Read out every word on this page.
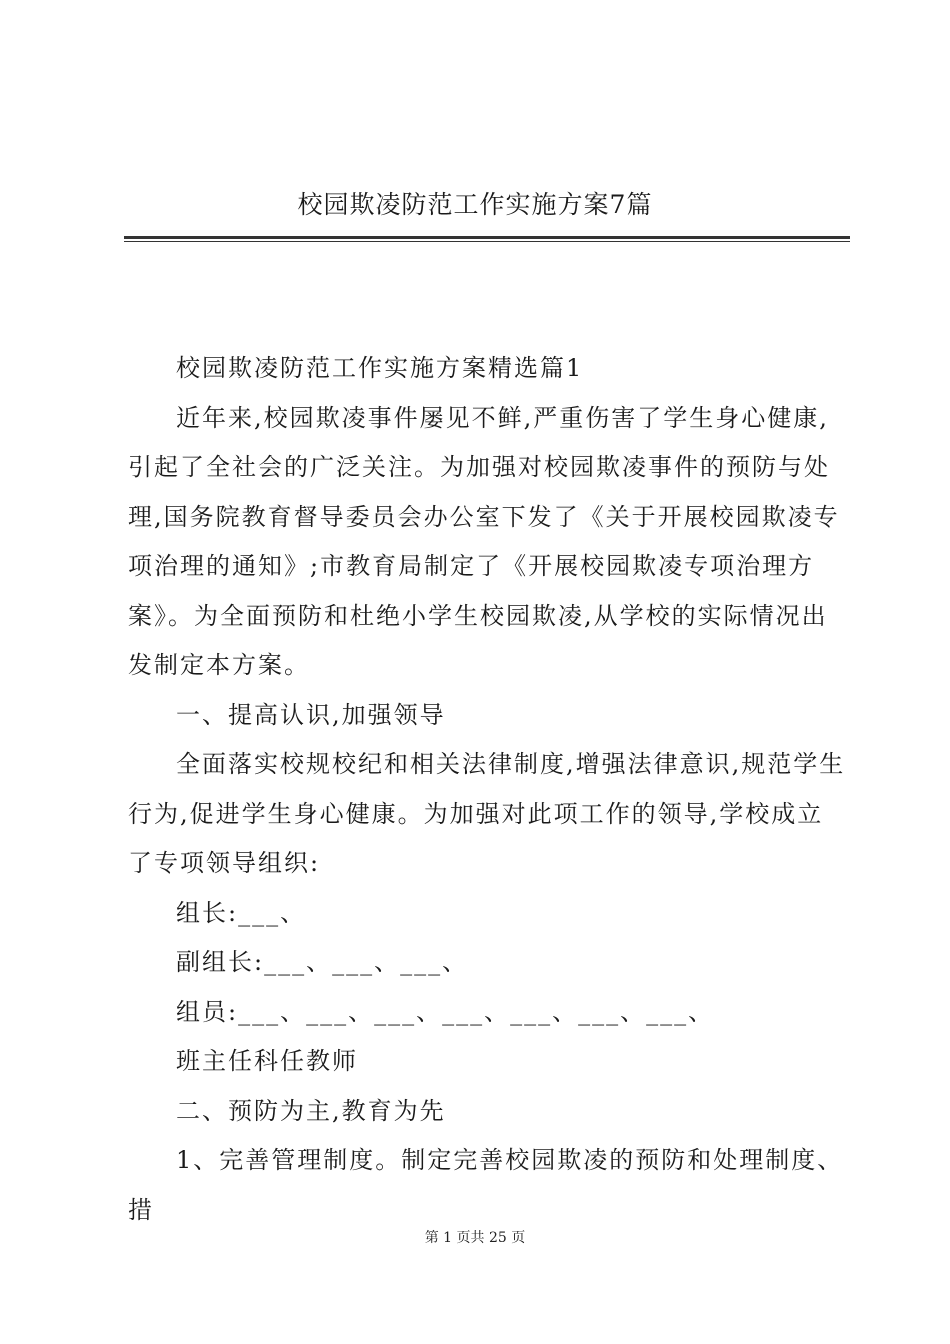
校园欺凌防范工作实施方案7篇

校园欺凌防范工作实施方案精选篇1

近年来,校园欺凌事件屡见不鲜,严重伤害了学生身心健康,引起了全社会的广泛关注。为加强对校园欺凌事件的预防与处理,国务院教育督导委员会办公室下发了《关于开展校园欺凌专项治理的通知》;市教育局制定了《开展校园欺凌专项治理方案》。为全面预防和杜绝小学生校园欺凌,从学校的实际情况出发制定本方案。

一、提高认识,加强领导

全面落实校规校纪和相关法律制度,增强法律意识,规范学生行为,促进学生身心健康。为加强对此项工作的领导,学校成立了专项领导组织:

组长:___、

副组长:___、___、___、

组员:___、___、___、___、___、___、___、

班主任科任教师

二、预防为主,教育为先

1、完善管理制度。制定完善校园欺凌的预防和处理制度、措

第 1 页共 25 页
